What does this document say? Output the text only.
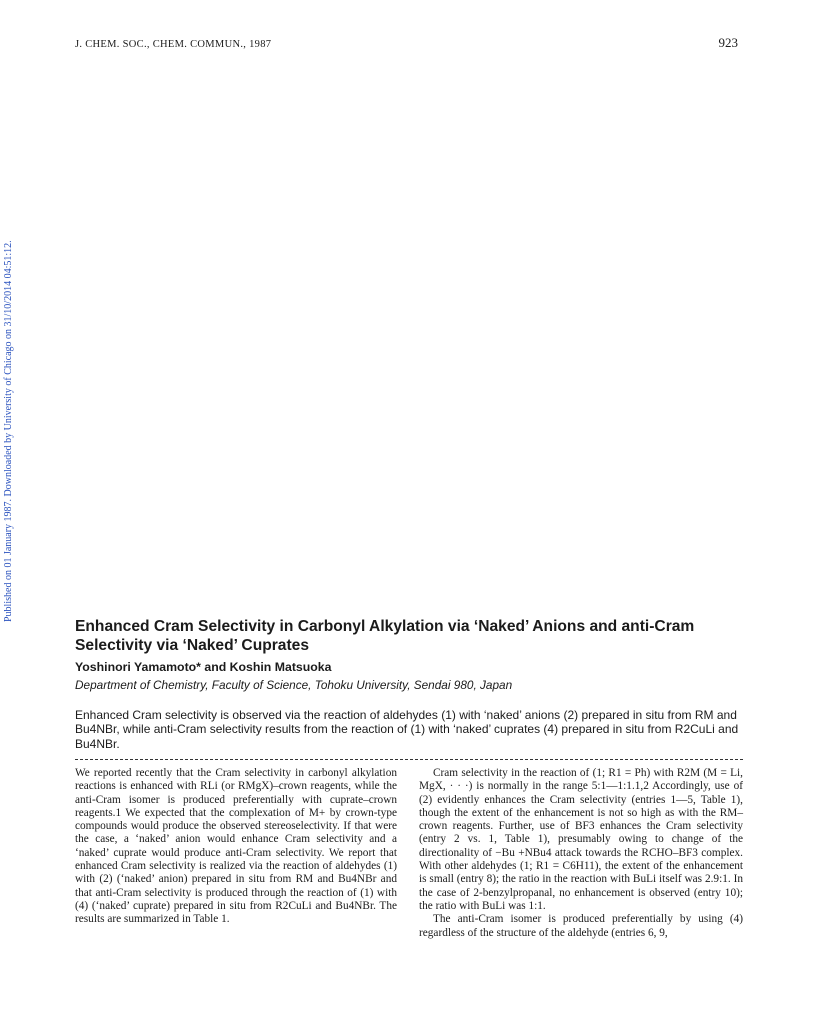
J. CHEM. SOC., CHEM. COMMUN., 1987	923
Published on 01 January 1987. Downloaded by University of Chicago on 31/10/2014 04:51:12.
Enhanced Cram Selectivity in Carbonyl Alkylation via ‘Naked’ Anions and anti-Cram Selectivity via ‘Naked’ Cuprates
Yoshinori Yamamoto* and Koshin Matsuoka
Department of Chemistry, Faculty of Science, Tohoku University, Sendai 980, Japan

Enhanced Cram selectivity is observed via the reaction of aldehydes (1) with ‘naked’ anions (2) prepared in situ from RM and Bu4NBr, while anti-Cram selectivity results from the reaction of (1) with ‘naked’ cuprates (4) prepared in situ from R2CuLi and Bu4NBr.

We reported recently that the Cram selectivity in carbonyl alkylation reactions is enhanced with RLi (or RMgX)–crown reagents, while the anti-Cram isomer is produced preferentially with cuprate–crown reagents.1 We expected that the complexation of M+ by crown-type compounds would produce the observed stereoselectivity. If that were the case, a ‘naked’ anion would enhance Cram selectivity and a ‘naked’ cuprate would produce anti-Cram selectivity. We report that enhanced Cram selectivity is realized via the reaction of aldehydes (1) with (2) (‘naked’ anion) prepared in situ from RM and Bu4NBr and that anti-Cram selectivity is produced through the reaction of (1) with (4) (‘naked’ cuprate) prepared in situ from R2CuLi and Bu4NBr. The results are summarized in Table 1.

Cram selectivity in the reaction of (1; R1 = Ph) with R2M (M = Li, MgX, · · ·) is normally in the range 5:1—1:1.1,2 Accordingly, use of (2) evidently enhances the Cram selectivity (entries 1—5, Table 1), though the extent of the enhancement is not so high as with the RM–crown reagents. Further, use of BF3 enhances the Cram selectivity (entry 2 vs. 1, Table 1), presumably owing to change of the directionality of −Bu +NBu4 attack towards the RCHO–BF3 complex. With other aldehydes (1; R1 = C6H11), the extent of the enhancement is small (entry 8); the ratio in the reaction with BuLi itself was 2.9:1. In the case of 2-benzylpropanal, no enhancement is observed (entry 10); the ratio with BuLi was 1:1.

The anti-Cram isomer is produced preferentially by using (4) regardless of the structure of the aldehyde (entries 6, 9,
